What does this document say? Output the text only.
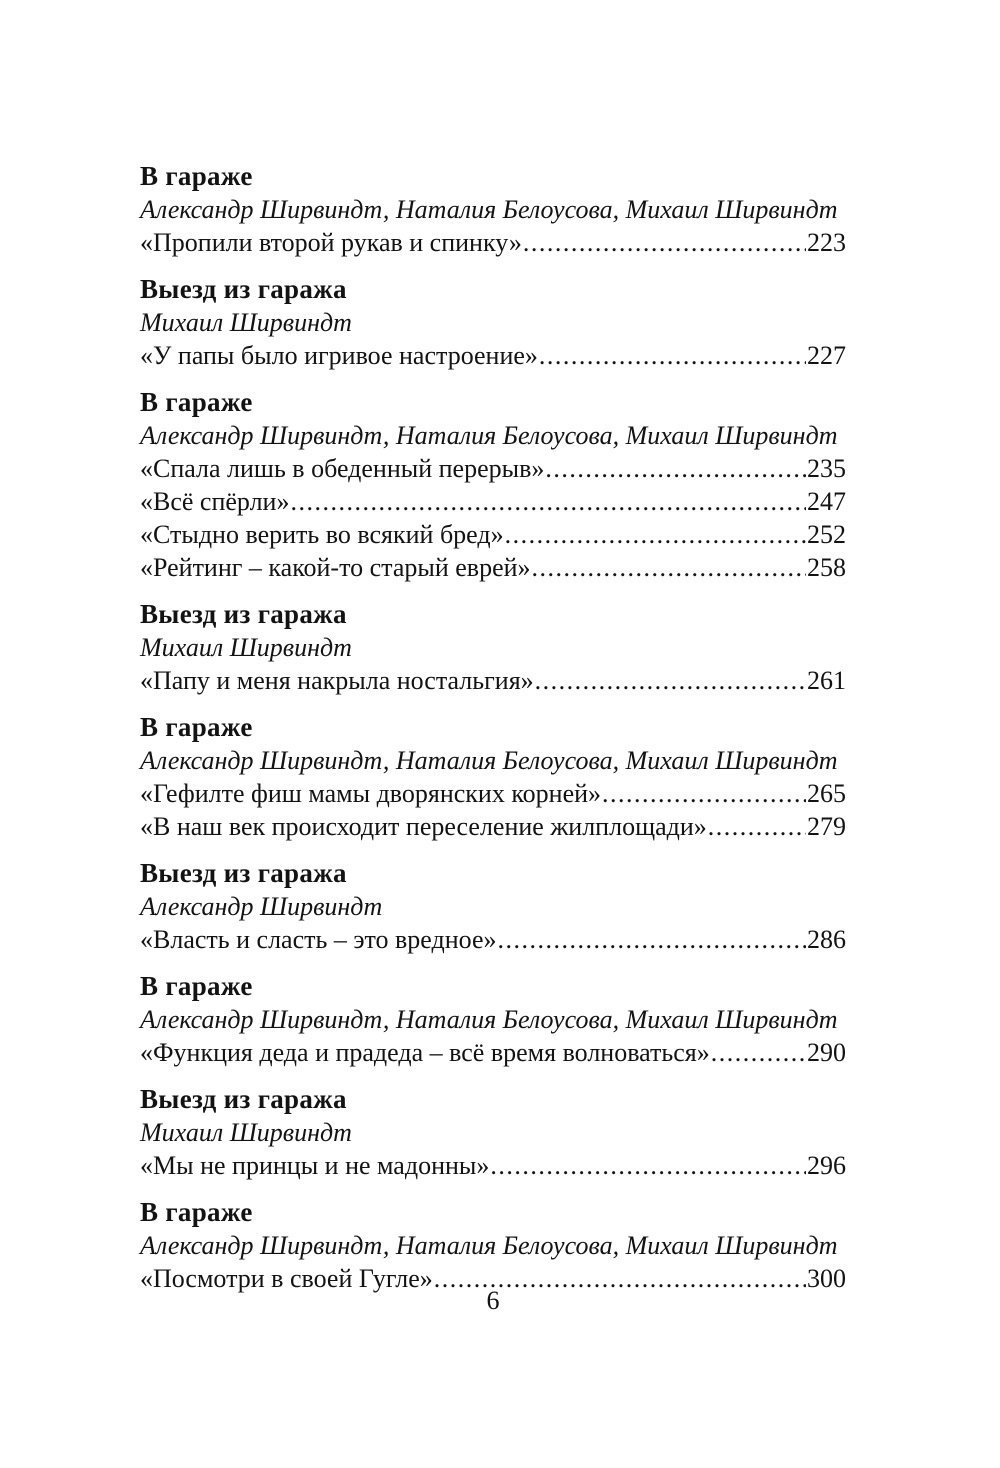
В гараже

Александр Ширвиндт, Наталия Белоусова, Михаил Ширвиндт

«Пропили второй рукав и спинку» .....	223
Выезд из гаража

Михаил Ширвиндт

«У папы было игривое настроение» .....	227
В гараже

Александр Ширвиндт, Наталия Белоусова, Михаил Ширвиндт

«Спала лишь в обеденный перерыв» .....	235
«Всё спёрли» .....	247
«Стыдно верить во всякий бред» .....	252
«Рейтинг – какой-то старый еврей» .....	258
Выезд из гаража

Михаил Ширвиндт

«Папу и меня накрыла ностальгия» .....	261
В гараже

Александр Ширвиндт, Наталия Белоусова, Михаил Ширвиндт

«Гефилте фиш мамы дворянских корней» .....	265
«В наш век происходит переселение жилплощади» .....	279
Выезд из гаража

Александр Ширвиндт

«Власть и сласть – это вредное» .....	286
В гараже

Александр Ширвиндт, Наталия Белоусова, Михаил Ширвиндт

«Функция деда и прадеда – всё время волноваться» .....	290
Выезд из гаража

Михаил Ширвиндт

«Мы не принцы и не мадонны» .....	296
В гараже

Александр Ширвиндт, Наталия Белоусова, Михаил Ширвиндт

«Посмотри в своей Гугле» .....	300
6
